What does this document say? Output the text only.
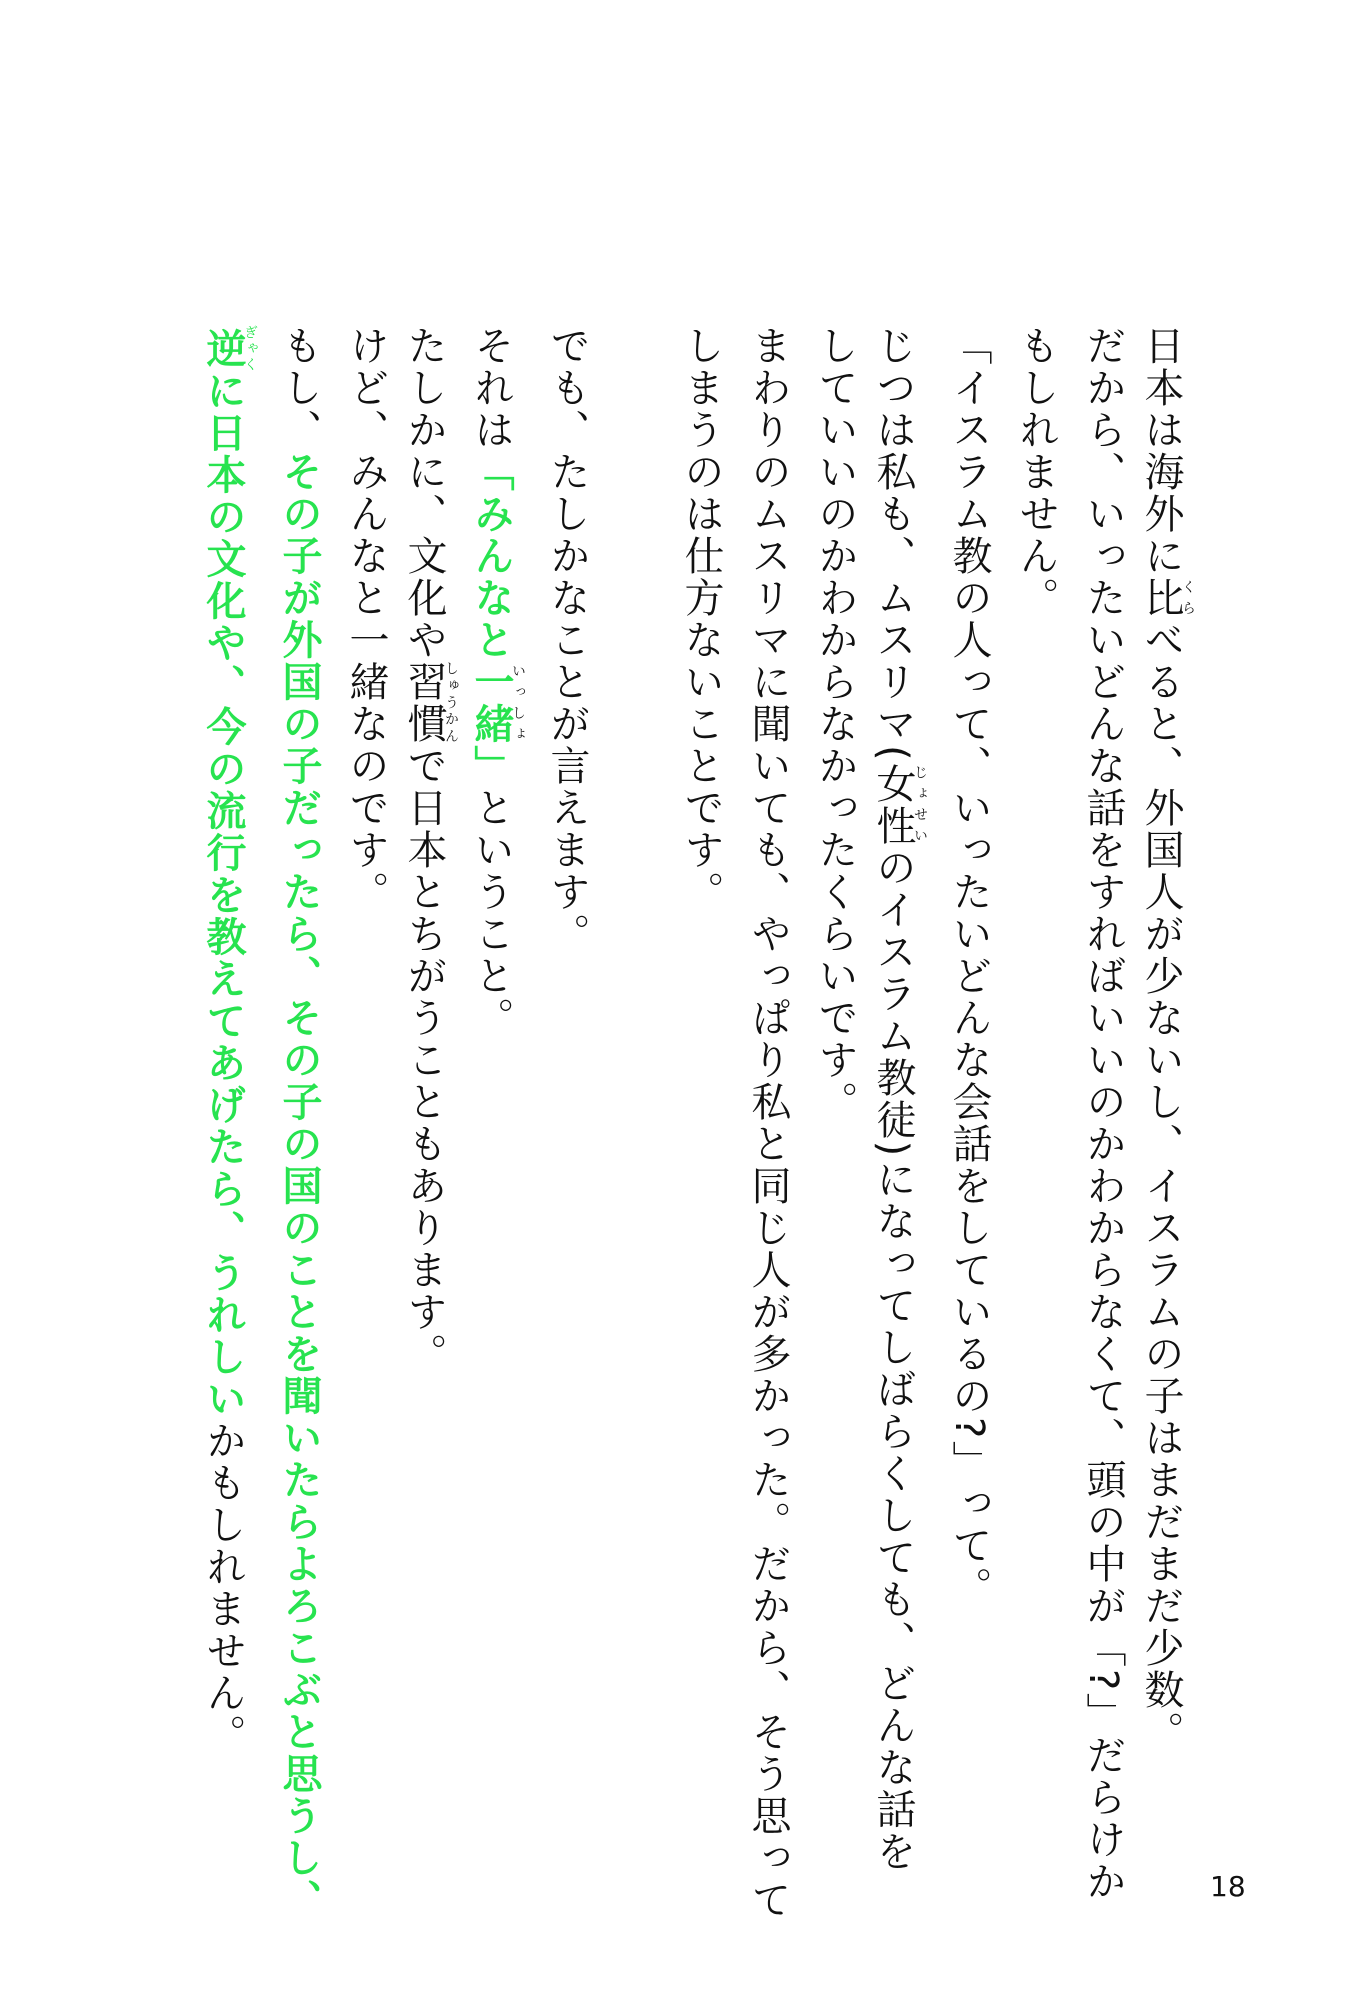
日本は海外に比くらべると、外国人が少ないし、イスラムの子はまだまだ少数。
だから、いったいどんな話をすればいいのかわからなくて、頭の中が「?」だらけか
もしれません。
「イスラム教の人って、いったいどんな会話をしているの?」って。
じつは私も、ムスリマ(女性じょせいのイスラム教徒)になってしばらくしても、どんな話を
していいのかわからなかったくらいです。
まわりのムスリマに聞いても、やっぱり私と同じ人が多かった。だから、そう思って
しまうのは仕方ないことです。
でも、たしかなことが言えます。
それは「みんなと一緒いっしょ」ということ。
たしかに、文化や習慣しゅうかんで日本とちがうこともあります。
けど、みんなと一緒なのです。
もし、その子が外国の子だったら、その子の国のことを聞いたらよろこぶと思うし、
逆ぎゃくに日本の文化や、今の流行を教えてあげたら、うれしいかもしれません。
18
